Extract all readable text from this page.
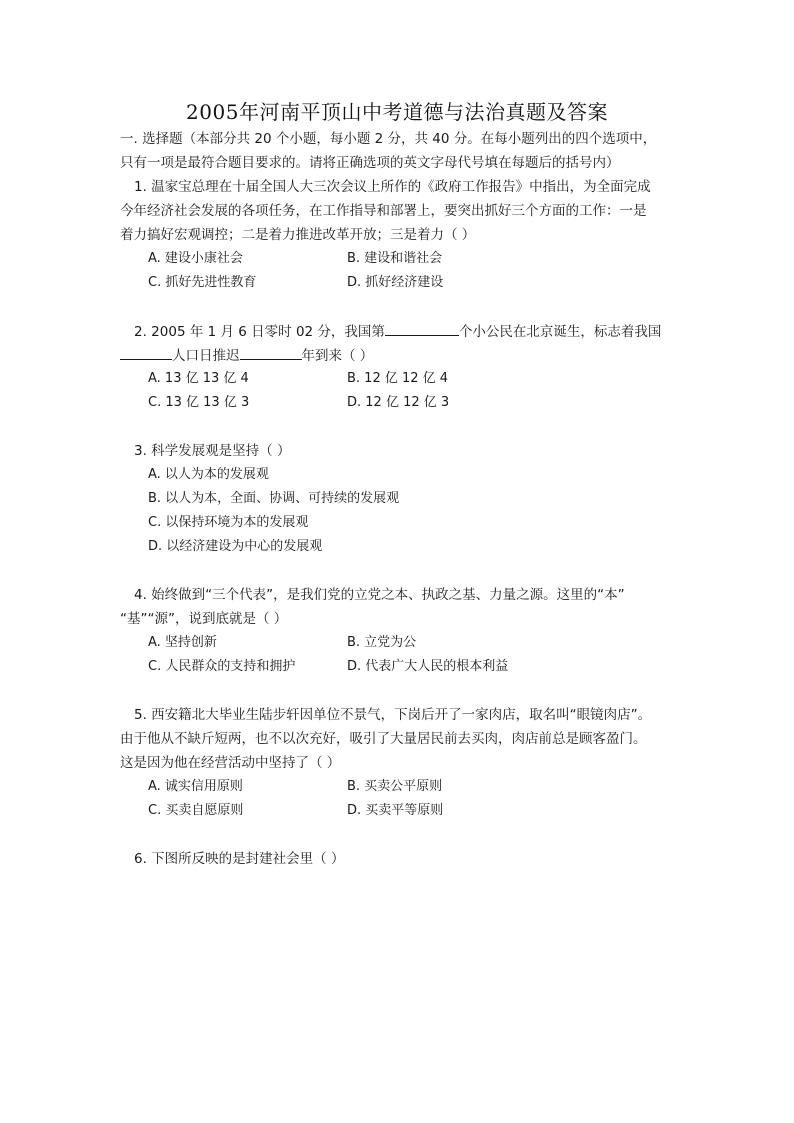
2005年河南平顶山中考道德与法治真题及答案
一. 选择题（本部分共 20 个小题，每小题 2 分，共 40 分。在每小题列出的四个选项中，
只有一项是最符合题目要求的。请将正确选项的英文字母代号填在每题后的括号内）
1. 温家宝总理在十届全国人大三次会议上所作的《政府工作报告》中指出，为全面完成
今年经济社会发展的各项任务，在工作指导和部署上，要突出抓好三个方面的工作：一是
着力搞好宏观调控；二是着力推进改革开放；三是着力（ ）
A. 建设小康社会	B. 建设和谐社会
C. 抓好先进性教育	D. 抓好经济建设
2. 2005 年 1 月 6 日零时 02 分，我国第	个小公民在北京诞生，标志着我国
人口日推迟	年到来（ ）
A. 13 亿 13 亿 4	B. 12 亿 12 亿 4
C. 13 亿 13 亿 3	D. 12 亿 12 亿 3
3. 科学发展观是坚持（ ）
A. 以人为本的发展观
B. 以人为本，全面、协调、可持续的发展观
C. 以保持环境为本的发展观
D. 以经济建设为中心的发展观
4. 始终做到“三个代表”，是我们党的立党之本、执政之基、力量之源。这里的“本”
“基”“源”，说到底就是（ ）
A. 坚持创新	B. 立党为公
C. 人民群众的支持和拥护	D. 代表广大人民的根本利益
5. 西安籍北大毕业生陆步轩因单位不景气，下岗后开了一家肉店，取名叫“眼镜肉店”。
由于他从不缺斤短两，也不以次充好，吸引了大量居民前去买肉，肉店前总是顾客盈门。
这是因为他在经营活动中坚持了（ ）
A. 诚实信用原则	B. 买卖公平原则
C. 买卖自愿原则	D. 买卖平等原则
6. 下图所反映的是封建社会里（ ）
